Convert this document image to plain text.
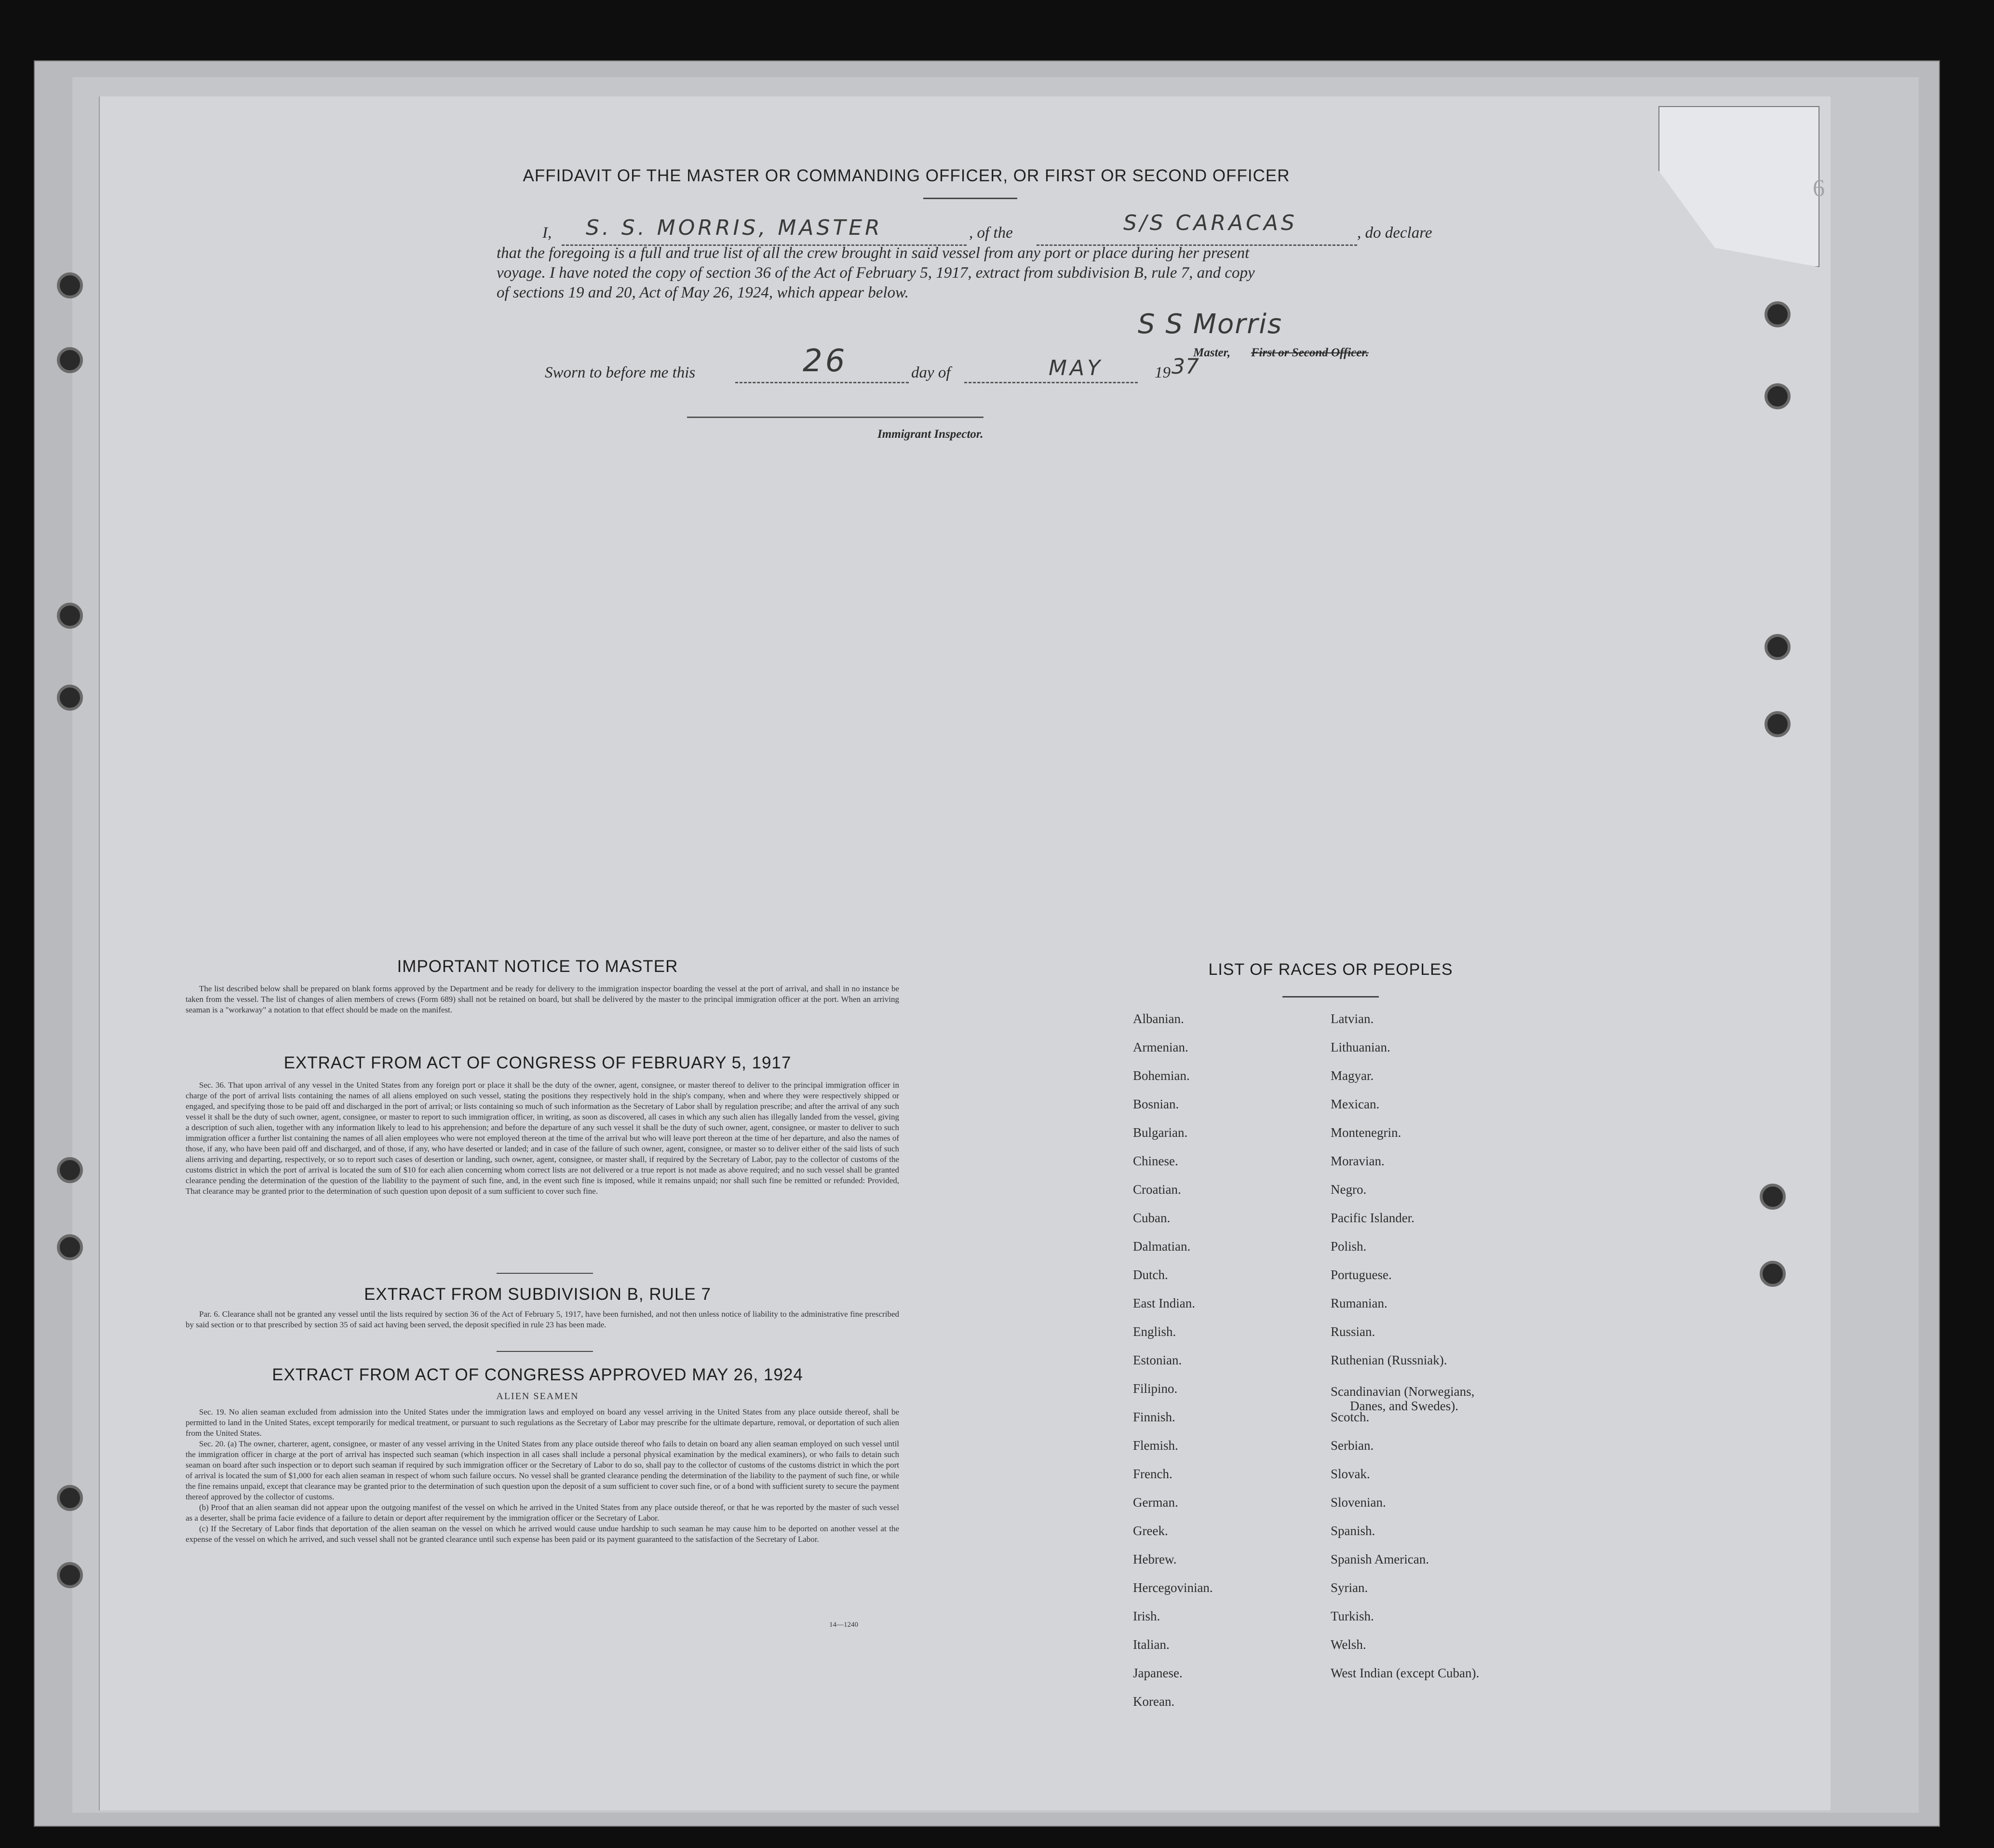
6
AFFIDAVIT OF THE MASTER OR COMMANDING OFFICER, OR FIRST OR SECOND OFFICER
I, S. S. MORRIS, MASTER	, of the	S/S CARACAS	, do declare
that the foregoing is a full and true list of all the crew brought in said vessel from any port or place during her present
voyage. I have noted the copy of section 36 of the Act of February 5, 1917, extract from subdivision B, rule 7, and copy
of sections 19 and 20, Act of May 26, 1924, which appear below.
S S Morris
Master, First or Second Officer.
Sworn to before me this	26	day of	MAY	19 37
Immigrant Inspector.
IMPORTANT NOTICE TO MASTER

The list described below shall be prepared on blank forms approved by the Department and be ready for delivery to the immigration inspector boarding the vessel at the port of arrival, and shall in no instance be taken from the vessel. The list of changes of alien members of crews (Form 689) shall not be retained on board, but shall be delivered by the master to the principal immigration officer at the port. When an arriving seaman is a "workaway" a notation to that effect should be made on the manifest.

EXTRACT FROM ACT OF CONGRESS OF FEBRUARY 5, 1917

Sec. 36. That upon arrival of any vessel in the United States from any foreign port or place it shall be the duty of the owner, agent, consignee, or master thereof to deliver to the principal immigration officer in charge of the port of arrival lists containing the names of all aliens employed on such vessel, stating the positions they respectively hold in the ship's company, when and where they were respectively shipped or engaged, and specifying those to be paid off and discharged in the port of arrival; or lists containing so much of such information as the Secretary of Labor shall by regulation prescribe; and after the arrival of any such vessel it shall be the duty of such owner, agent, consignee, or master to report to such immigration officer, in writing, as soon as discovered, all cases in which any such alien has illegally landed from the vessel, giving a description of such alien, together with any information likely to lead to his apprehension; and before the departure of any such vessel it shall be the duty of such owner, agent, consignee, or master to deliver to such immigration officer a further list containing the names of all alien employees who were not employed thereon at the time of the arrival but who will leave port thereon at the time of her departure, and also the names of those, if any, who have been paid off and discharged, and of those, if any, who have deserted or landed; and in case of the failure of such owner, agent, consignee, or master so to deliver either of the said lists of such aliens arriving and departing, respectively, or so to report such cases of desertion or landing, such owner, agent, consignee, or master shall, if required by the Secretary of Labor, pay to the collector of customs of the customs district in which the port of arrival is located the sum of $10 for each alien concerning whom correct lists are not delivered or a true report is not made as above required; and no such vessel shall be granted clearance pending the determination of the question of the liability to the payment of such fine, and, in the event such fine is imposed, while it remains unpaid; nor shall such fine be remitted or refunded: Provided, That clearance may be granted prior to the determination of such question upon deposit of a sum sufficient to cover such fine.

EXTRACT FROM SUBDIVISION B, RULE 7

Par. 6. Clearance shall not be granted any vessel until the lists required by section 36 of the Act of February 5, 1917, have been furnished, and not then unless notice of liability to the administrative fine prescribed by said section or to that prescribed by section 35 of said act having been served, the deposit specified in rule 23 has been made.

EXTRACT FROM ACT OF CONGRESS APPROVED MAY 26, 1924
ALIEN SEAMEN

Sec. 19. No alien seaman excluded from admission into the United States under the immigration laws and employed on board any vessel arriving in the United States from any place outside thereof, shall be permitted to land in the United States, except temporarily for medical treatment, or pursuant to such regulations as the Secretary of Labor may prescribe for the ultimate departure, removal, or deportation of such alien from the United States.

Sec. 20. (a) The owner, charterer, agent, consignee, or master of any vessel arriving in the United States from any place outside thereof who fails to detain on board any alien seaman employed on such vessel until the immigration officer in charge at the port of arrival has inspected such seaman (which inspection in all cases shall include a personal physical examination by the medical examiners), or who fails to detain such seaman on board after such inspection or to deport such seaman if required by such immigration officer or the Secretary of Labor to do so, shall pay to the collector of customs of the customs district in which the port of arrival is located the sum of $1,000 for each alien seaman in respect of whom such failure occurs. No vessel shall be granted clearance pending the determination of the liability to the payment of such fine, or while the fine remains unpaid, except that clearance may be granted prior to the determination of such question upon the deposit of a sum sufficient to cover such fine, or of a bond with sufficient surety to secure the payment thereof approved by the collector of customs.

(b) Proof that an alien seaman did not appear upon the outgoing manifest of the vessel on which he arrived in the United States from any place outside thereof, or that he was reported by the master of such vessel as a deserter, shall be prima facie evidence of a failure to detain or deport after requirement by the immigration officer or the Secretary of Labor.

(c) If the Secretary of Labor finds that deportation of the alien seaman on the vessel on which he arrived would cause undue hardship to such seaman he may cause him to be deported on another vessel at the expense of the vessel on which he arrived, and such vessel shall not be granted clearance until such expense has been paid or its payment guaranteed to the satisfaction of the Secretary of Labor.

14—1240
LIST OF RACES OR PEOPLES
Albanian.
Armenian.
Bohemian.
Bosnian.
Bulgarian.
Chinese.
Croatian.
Cuban.
Dalmatian.
Dutch.
East Indian.
English.
Estonian.
Filipino.
Finnish.
Flemish.
French.
German.
Greek.
Hebrew.
Hercegovinian.
Irish.
Italian.
Japanese.
Korean.
Latvian.
Lithuanian.
Magyar.
Mexican.
Montenegrin.
Moravian.
Negro.
Pacific Islander.
Polish.
Portuguese.
Rumanian.
Russian.
Ruthenian (Russniak).
Scandinavian (Norwegians,
Danes, and Swedes).
Scotch.
Serbian.
Slovak.
Slovenian.
Spanish.
Spanish American.
Syrian.
Turkish.
Welsh.
West Indian (except Cuban).
